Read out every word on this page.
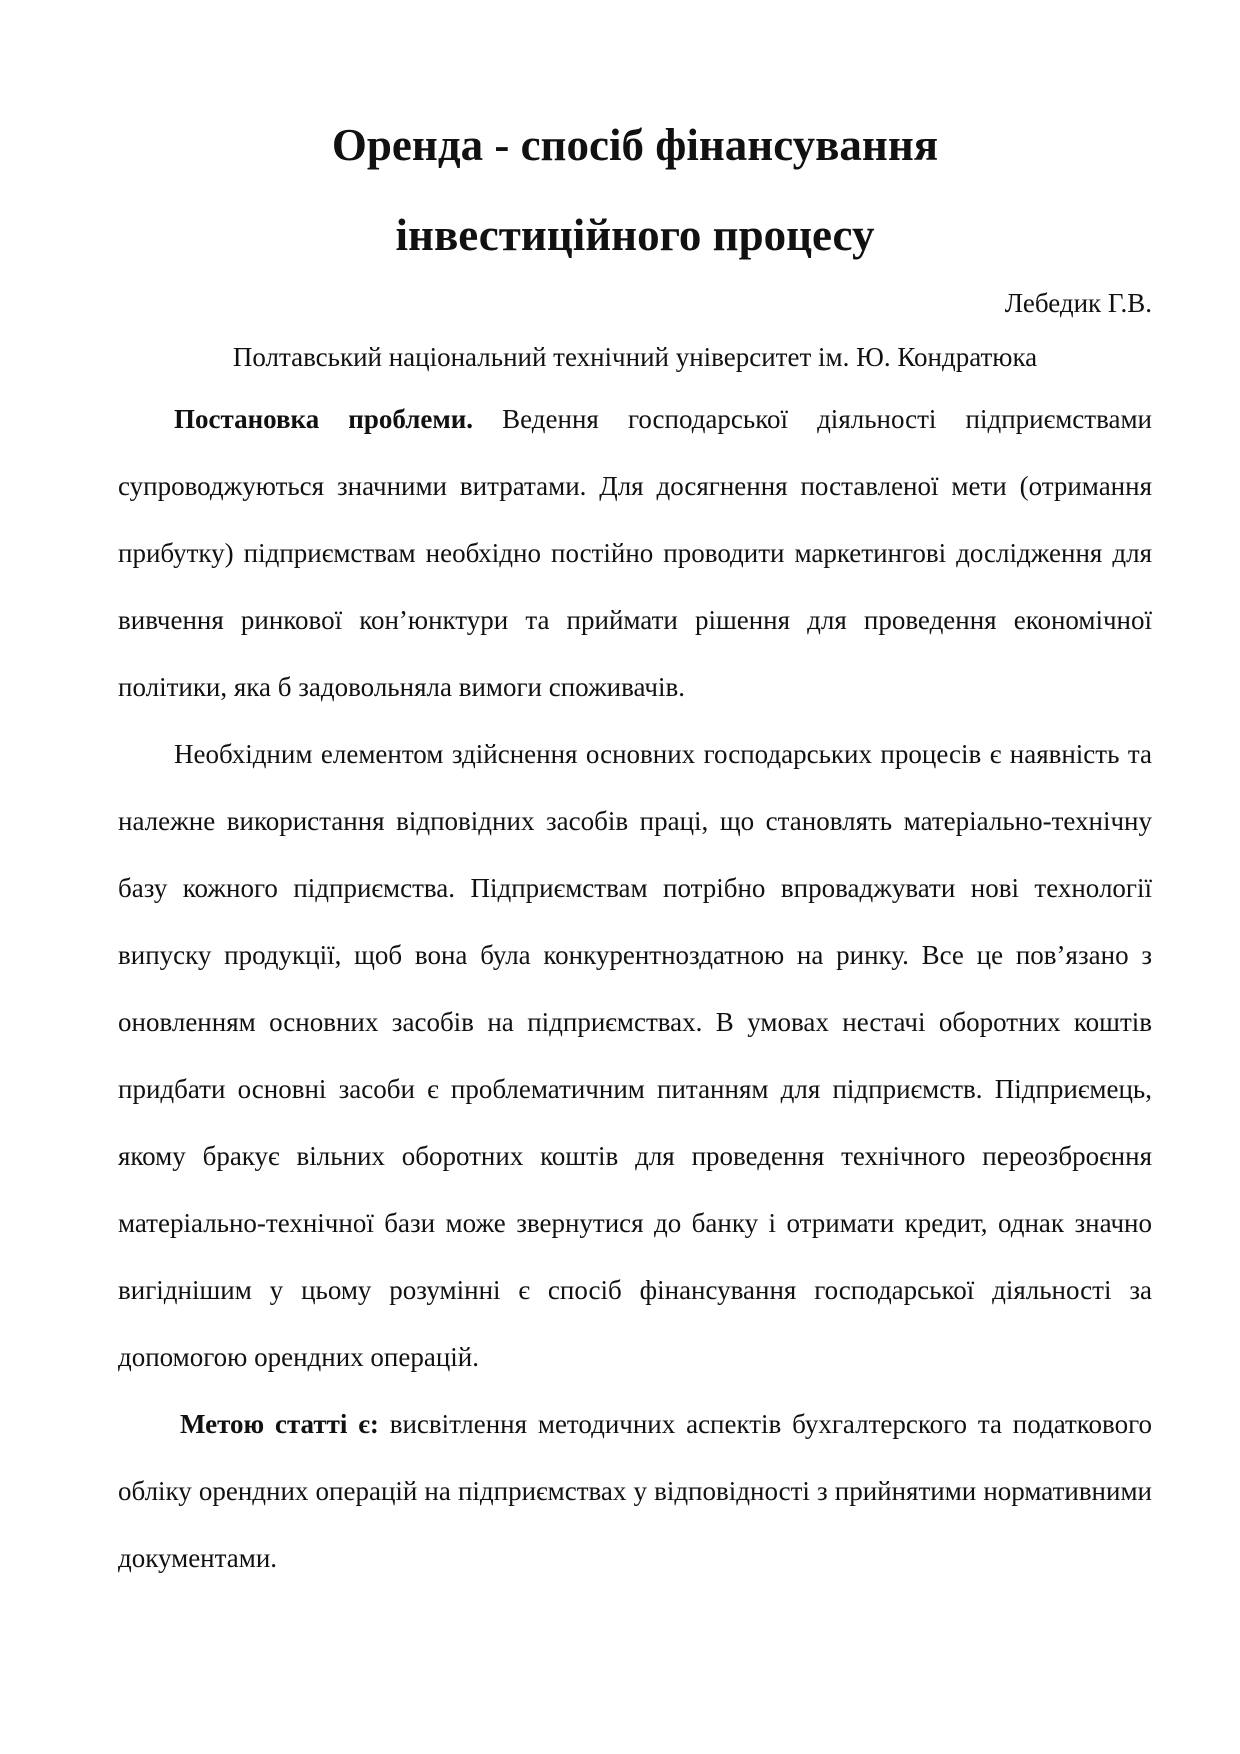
Оренда - спосіб фінансування
інвестиційного процесу
Лебедик Г.В.
Полтавський національний технічний університет ім. Ю. Кондратюка

Постановка проблеми. Ведення господарської діяльності підприємствами супроводжуються значними витратами. Для досягнення поставленої мети (отримання прибутку) підприємствам необхідно постійно проводити маркетингові дослідження для вивчення ринкової кон’юнктури та приймати рішення для проведення економічної політики, яка б задовольняла вимоги споживачів.

Необхідним елементом здійснення основних господарських процесів є наявність та належне використання відповідних засобів праці, що становлять матеріально-технічну базу кожного підприємства. Підприємствам потрібно впроваджувати нові технології випуску продукції, щоб вона була конкурентноздатною на ринку. Все це пов’язано з оновленням основних засобів на підприємствах. В умовах нестачі оборотних коштів придбати основні засоби є проблематичним питанням для підприємств. Підприємець, якому бракує вільних оборотних коштів для проведення технічного переозброєння матеріально-технічної бази може звернутися до банку і отримати кредит, однак значно вигіднішим у цьому розумінні є спосіб фінансування господарської діяльності за допомогою орендних операцій.

Метою статті є: висвітлення методичних аспектів бухгалтерского та податкового обліку орендних операцій на підприємствах у відповідності з прийнятими нормативними документами.
